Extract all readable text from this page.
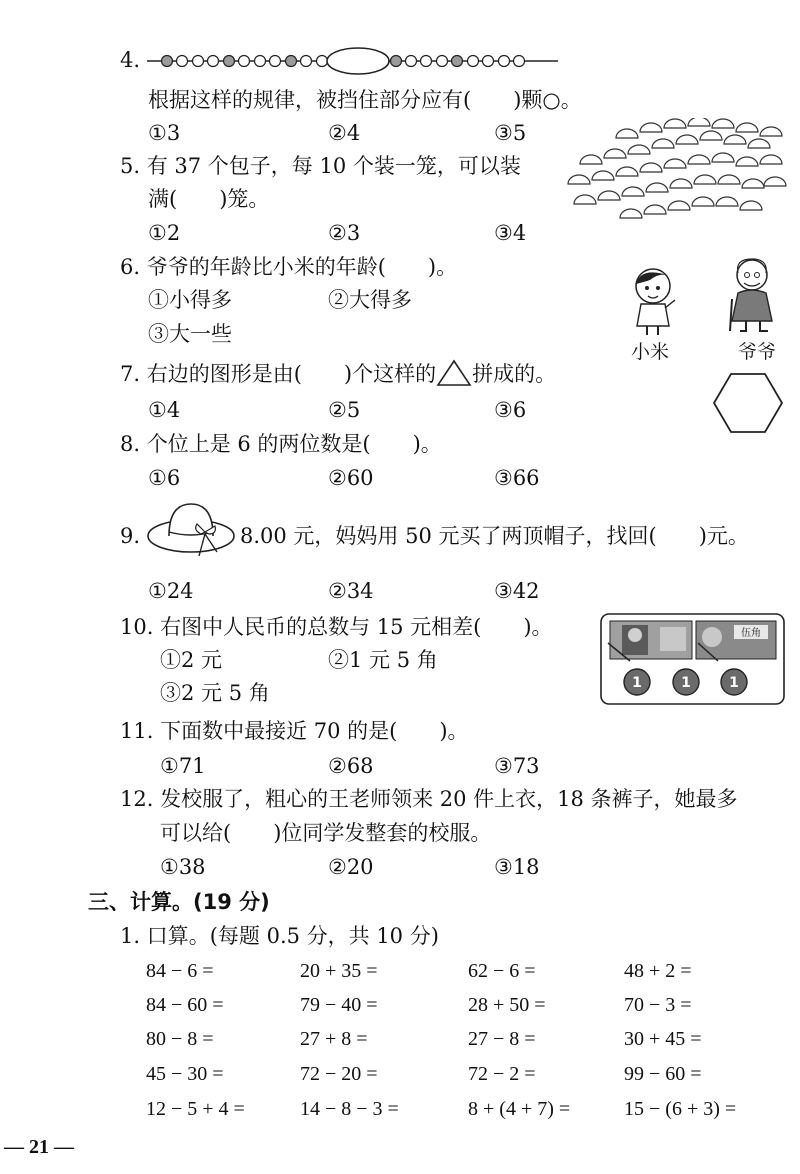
4.
根据这样的规律，被挡住部分应有(　　)颗○。
①3	②4	③5
5. 有 37 个包子，每 10 个装一笼，可以装
满(　　)笼。
①2	②3	③4
6. 爷爷的年龄比小米的年龄(　　)。
①小得多	②大得多
③大一些
小米	爷爷
7. 右边的图形是由(　　)个这样的 拼成的。
①4	②5	③6
8. 个位上是 6 的两位数是(　　)。
①6	②60	③66
9.	8.00 元，妈妈用 50 元买了两顶帽子，找回(　　)元。
①24	②34	③42
10. 右图中人民币的总数与 15 元相差(　　)。
①2 元	②1 元 5 角
③2 元 5 角
伍角
1	1	1
11. 下面数中最接近 70 的是(　　)。
①71	②68	③73
12. 发校服了，粗心的王老师领来 20 件上衣，18 条裤子，她最多
可以给(　　)位同学发整套的校服。
①38	②20	③18
三、计算。(19 分)
1. 口算。(每题 0.5 分，共 10 分)
84 − 6 =	20 + 35 =	62 − 6 =	48 + 2 =
84 − 60 =	79 − 40 =	28 + 50 =	70 − 3 =
80 − 8 =	27 + 8 =	27 − 8 =	30 + 45 =
45 − 30 =	72 − 20 =	72 − 2 =	99 − 60 =
12 − 5 + 4 =	14 − 8 − 3 =	8 + (4 + 7) =	15 − (6 + 3) =
— 21 —
